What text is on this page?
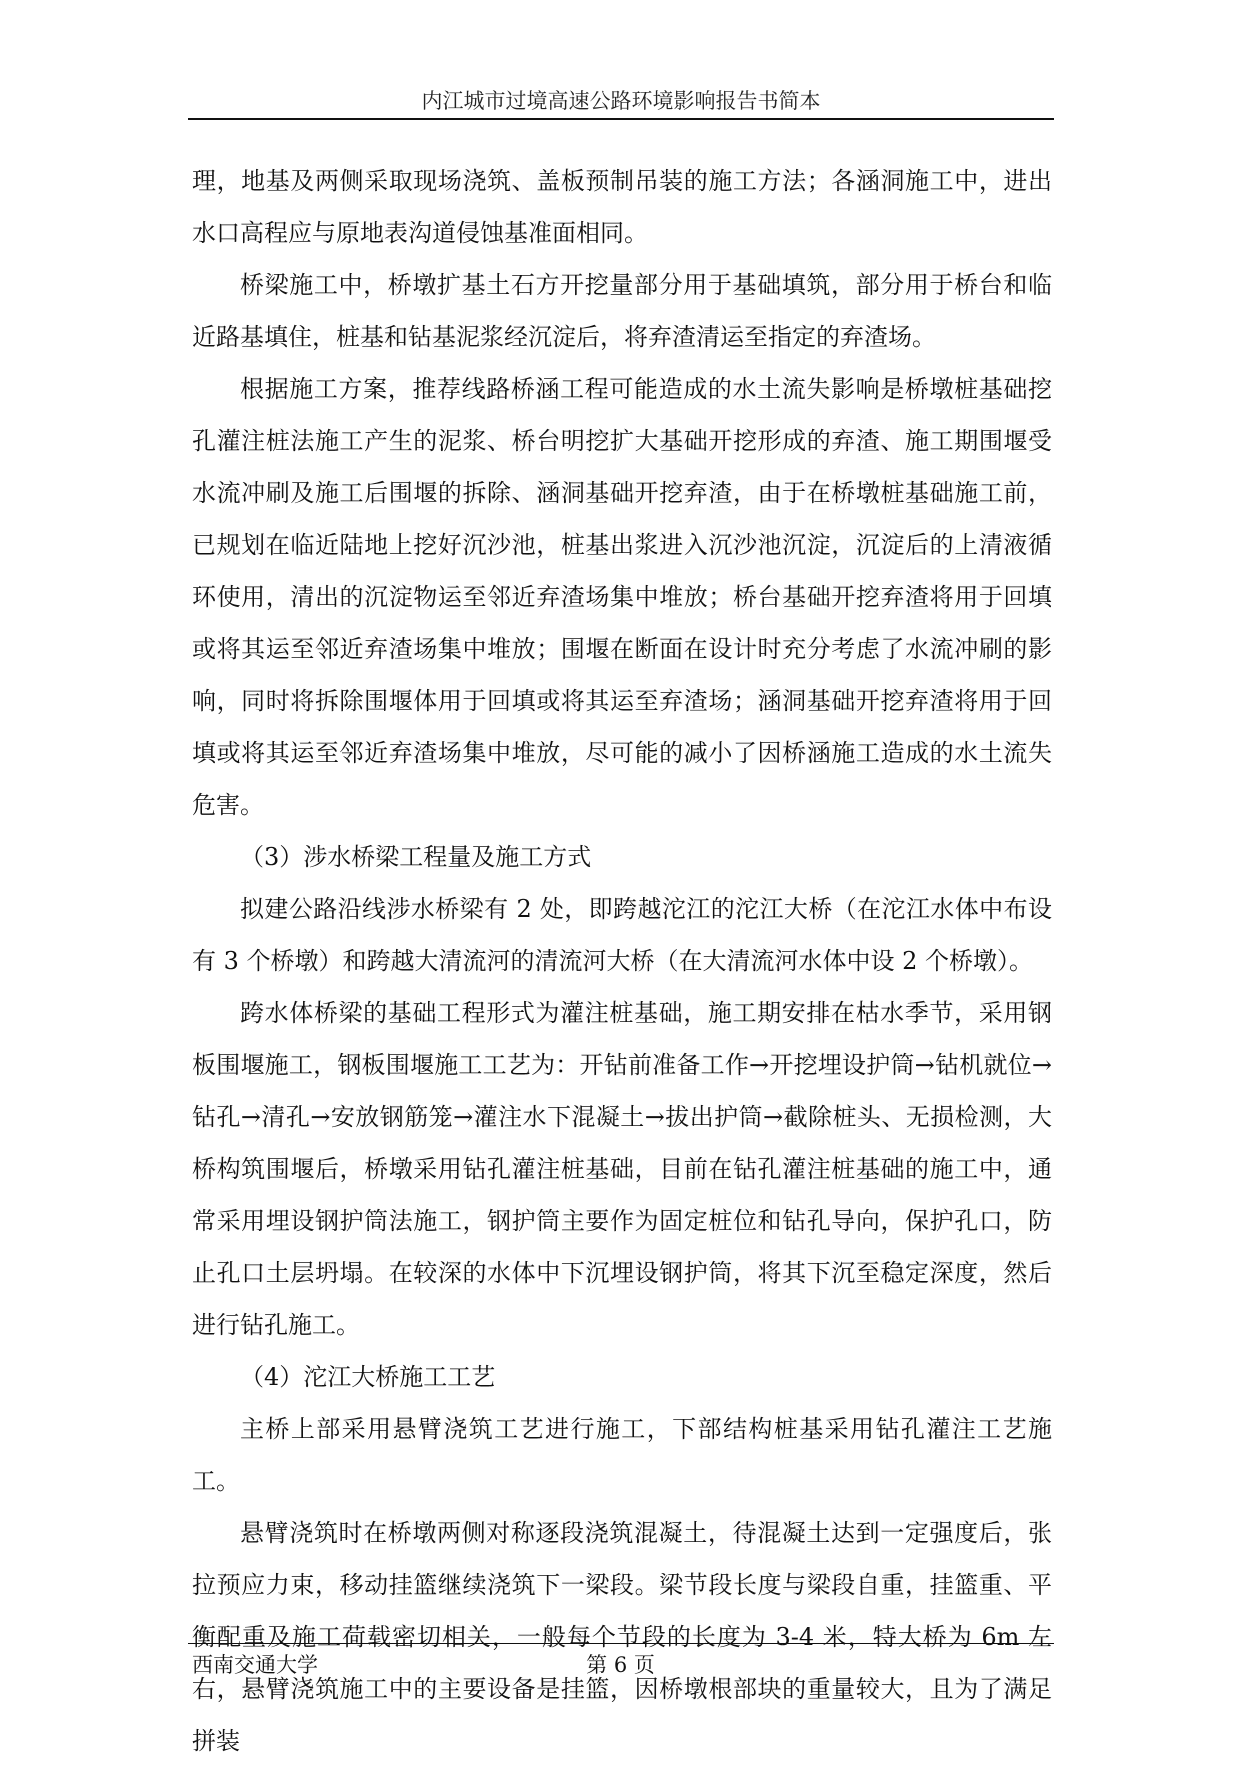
内江城市过境高速公路环境影响报告书简本

理，地基及两侧采取现场浇筑、盖板预制吊装的施工方法；各涵洞施工中，进出水口高程应与原地表沟道侵蚀基准面相同。

桥梁施工中，桥墩扩基土石方开挖量部分用于基础填筑，部分用于桥台和临近路基填住，桩基和钻基泥浆经沉淀后，将弃渣清运至指定的弃渣场。

根据施工方案，推荐线路桥涵工程可能造成的水土流失影响是桥墩桩基础挖孔灌注桩法施工产生的泥浆、桥台明挖扩大基础开挖形成的弃渣、施工期围堰受水流冲刷及施工后围堰的拆除、涵洞基础开挖弃渣，由于在桥墩桩基础施工前，已规划在临近陆地上挖好沉沙池，桩基出浆进入沉沙池沉淀，沉淀后的上清液循环使用，清出的沉淀物运至邻近弃渣场集中堆放；桥台基础开挖弃渣将用于回填或将其运至邻近弃渣场集中堆放；围堰在断面在设计时充分考虑了水流冲刷的影响，同时将拆除围堰体用于回填或将其运至弃渣场；涵洞基础开挖弃渣将用于回填或将其运至邻近弃渣场集中堆放，尽可能的减小了因桥涵施工造成的水土流失危害。

（3）涉水桥梁工程量及施工方式

拟建公路沿线涉水桥梁有 2 处，即跨越沱江的沱江大桥（在沱江水体中布设有 3 个桥墩）和跨越大清流河的清流河大桥（在大清流河水体中设 2 个桥墩）。

跨水体桥梁的基础工程形式为灌注桩基础，施工期安排在枯水季节，采用钢板围堰施工，钢板围堰施工工艺为：开钻前准备工作→开挖埋设护筒→钻机就位→钻孔→清孔→安放钢筋笼→灌注水下混凝土→拔出护筒→截除桩头、无损检测，大桥构筑围堰后，桥墩采用钻孔灌注桩基础，目前在钻孔灌注桩基础的施工中，通常采用埋设钢护筒法施工，钢护筒主要作为固定桩位和钻孔导向，保护孔口，防止孔口土层坍塌。在较深的水体中下沉埋设钢护筒，将其下沉至稳定深度，然后进行钻孔施工。

（4）沱江大桥施工工艺

主桥上部采用悬臂浇筑工艺进行施工，下部结构桩基采用钻孔灌注工艺施工。

悬臂浇筑时在桥墩两侧对称逐段浇筑混凝土，待混凝土达到一定强度后，张拉预应力束，移动挂篮继续浇筑下一梁段。梁节段长度与梁段自重，挂篮重、平衡配重及施工荷载密切相关，一般每个节段的长度为 3-4 米，特大桥为 6m 左右，悬臂浇筑施工中的主要设备是挂篮，因桥墩根部块的重量较大，且为了满足拼装

西南交通大学	第 6 页
